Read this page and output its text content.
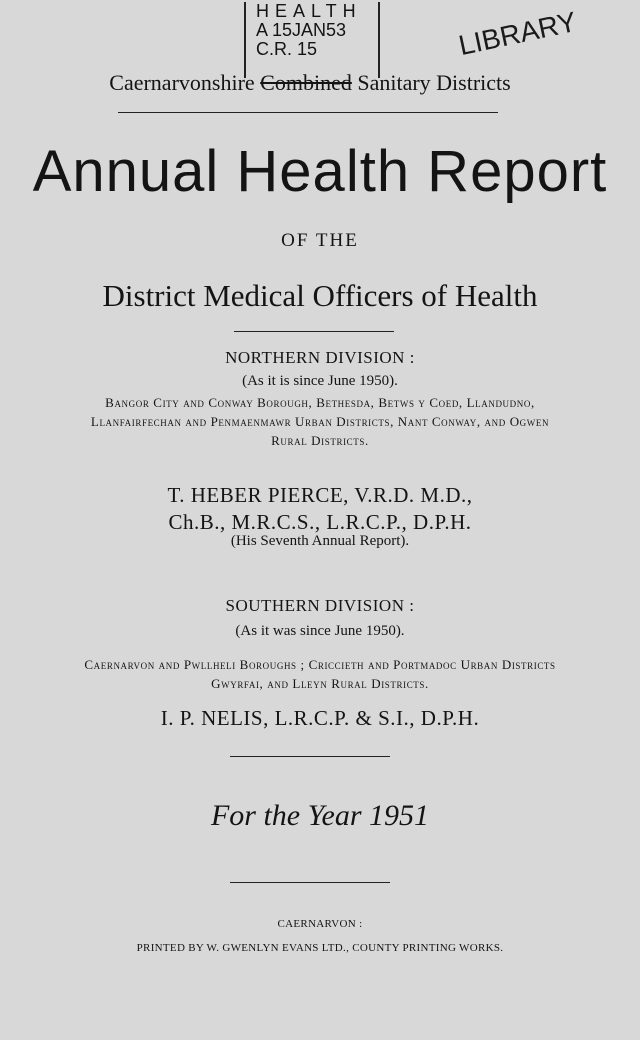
HEALTH
A 15JAN53
C.R. 15	LIBRARY
Caernarvonshire Combined Sanitary Districts
Annual Health Report
OF THE
District Medical Officers of Health
NORTHERN DIVISION :
(As it is since June 1950).
Bangor City and Conway Borough, Bethesda, Betws y Coed, Llandudno,
Llanfairfechan and Penmaenmawr Urban Districts, Nant Conway, and Ogwen
Rural Districts.
T. HEBER PIERCE, V.R.D. M.D.,
Ch.B., M.R.C.S., L.R.C.P., D.P.H.
(His Seventh Annual Report).
SOUTHERN DIVISION :
(As it was since June 1950).
Caernarvon and Pwllheli Boroughs ; Criccieth and Portmadoc Urban Districts
Gwyrfai, and Lleyn Rural Districts.
I. P. NELIS, L.R.C.P. & S.I., D.P.H.
For the Year 1951
CAERNARVON :
PRINTED BY W. GWENLYN EVANS LTD., COUNTY PRINTING WORKS.
